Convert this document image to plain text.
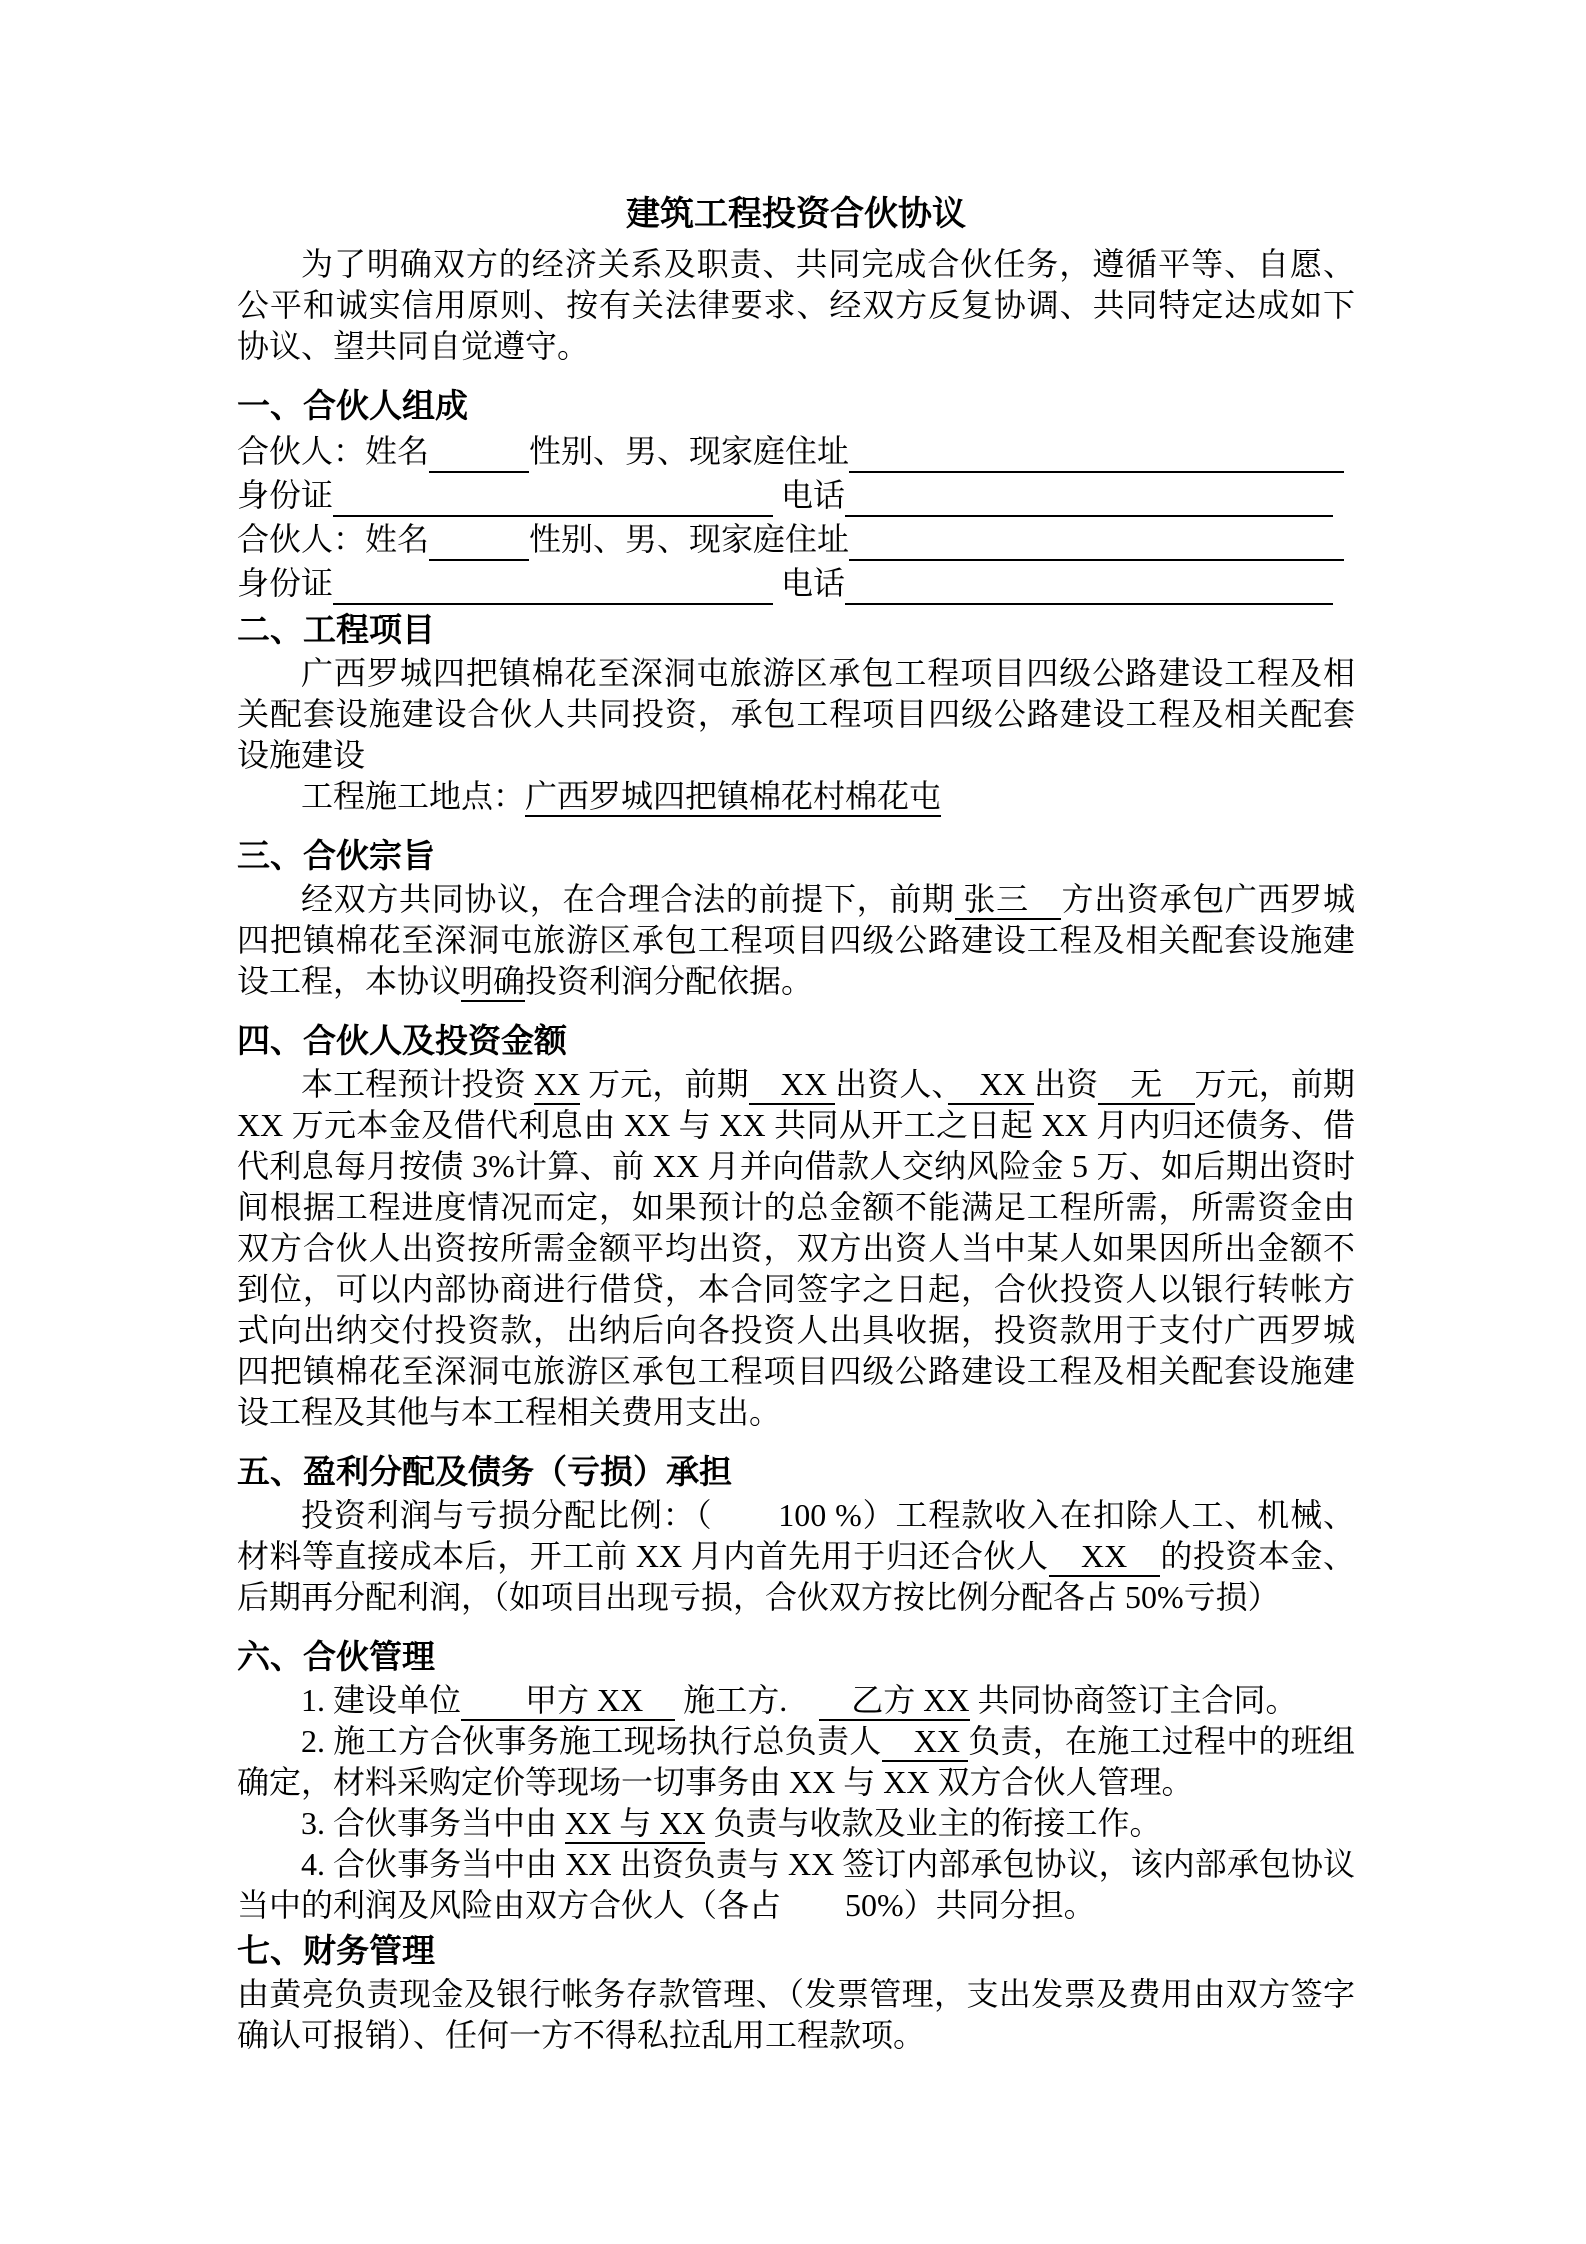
建筑工程投资合伙协议

为了明确双方的经济关系及职责、共同完成合伙任务，遵循平等、自愿、公平和诚实信用原则、按有关法律要求、经双方反复协调、共同特定达成如下协议、望共同自觉遵守。

一、合伙人组成
合伙人：姓名	性别、男、现家庭住址
身份证	电话
合伙人：姓名	性别、男、现家庭住址
身份证	电话
二、工程项目

广西罗城四把镇棉花至深洞屯旅游区承包工程项目四级公路建设工程及相关配套设施建设合伙人共同投资，承包工程项目四级公路建设工程及相关配套设施建设

工程施工地点：广西罗城四把镇棉花村棉花屯

三、合伙宗旨

经双方共同协议，在合理合法的前提下，前期 张三　方出资承包广西罗城四把镇棉花至深洞屯旅游区承包工程项目四级公路建设工程及相关配套设施建设工程，本协议明确投资利润分配依据。

四、合伙人及投资金额

本工程预计投资 XX 万元，前期　XX 出资人、　XX 出资　无　万元，前期 XX 万元本金及借代利息由 XX 与 XX 共同从开工之日起 XX 月内归还债务、借代利息每月按债 3%计算、前 XX 月并向借款人交纳风险金 5 万、如后期出资时间根据工程进度情况而定，如果预计的总金额不能满足工程所需，所需资金由双方合伙人出资按所需金额平均出资，双方出资人当中某人如果因所出金额不到位，可以内部协商进行借贷，本合同签字之日起，合伙投资人以银行转帐方式向出纳交付投资款，出纳后向各投资人出具收据，投资款用于支付广西罗城四把镇棉花至深洞屯旅游区承包工程项目四级公路建设工程及相关配套设施建设工程及其他与本工程相关费用支出。

五、盈利分配及债务（亏损）承担

投资利润与亏损分配比例：（　　100 %）工程款收入在扣除人工、机械、材料等直接成本后，开工前 XX 月内首先用于归还合伙人　XX　的投资本金、后期再分配利润，（如项目出现亏损，合伙双方按比例分配各占 50%亏损）

六、合伙管理

1. 建设单位　　甲方 XX　 施工方.　　乙方 XX 共同协商签订主合同。

2. 施工方合伙事务施工现场执行总负责人　XX 负责，在施工过程中的班组确定，材料采购定价等现场一切事务由 XX 与 XX 双方合伙人管理。

3. 合伙事务当中由 XX 与 XX 负责与收款及业主的衔接工作。

4. 合伙事务当中由 XX 出资负责与 XX 签订内部承包协议，该内部承包协议当中的利润及风险由双方合伙人（各占　　50%）共同分担。

七、财务管理

由黄亮负责现金及银行帐务存款管理、（发票管理，支出发票及费用由双方签字确认可报销）、任何一方不得私拉乱用工程款项。
